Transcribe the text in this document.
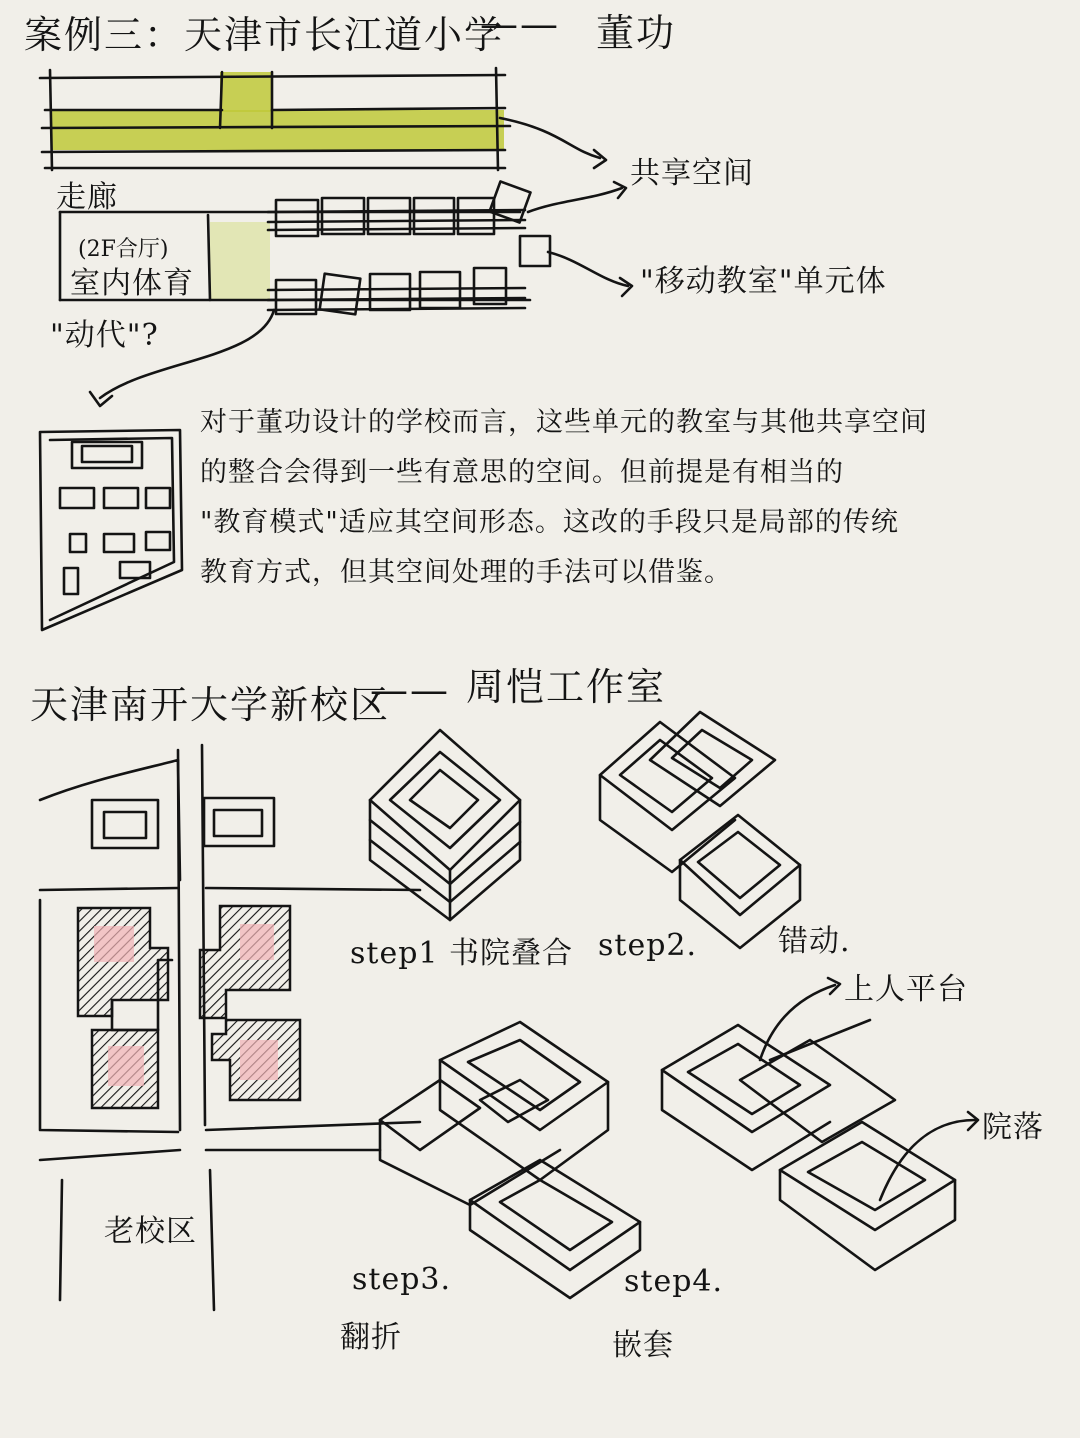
案例三：天津市长江道小学
—— 董功
走廊
(2F合厅)
室内体育
"动代"?
共享空间
"移动教室"单元体
对于董功设计的学校而言，这些单元的教室与其他共享空间
的整合会得到一些有意思的空间。但前提是有相当的
"教育模式"适应其空间形态。这改的手段只是局部的传统
教育方式，但其空间处理的手法可以借鉴。
天津南开大学新校区
—— 周恺工作室
老校区
step1 书院叠合 step2.	错动.
step3.
翻折
step4.
嵌套
上人平台
院落
